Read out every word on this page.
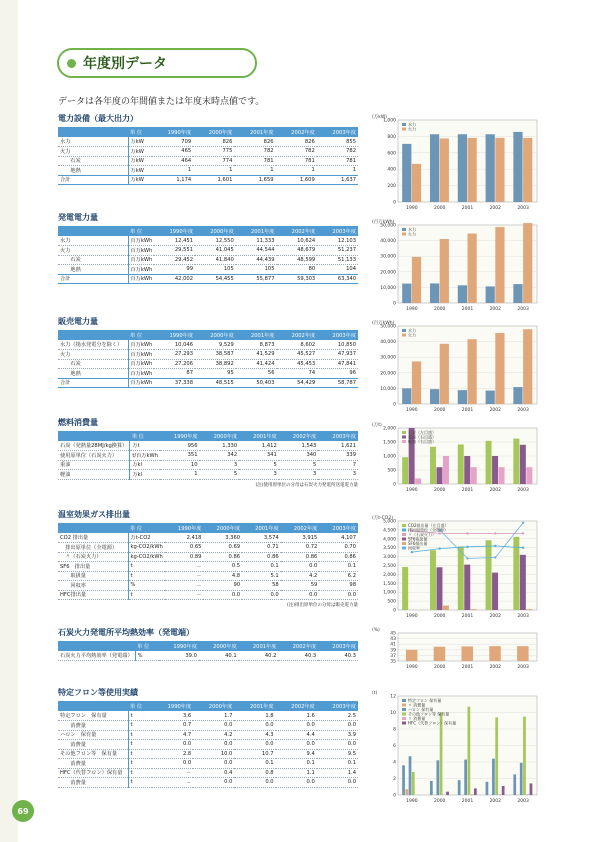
年度別データ
データは各年度の年間値または年度末時点値です。
電力設備（最大出力）
	単 位	1990年度	2000年度	2001年度	2002年度	2003年度
水力	万kW	709	826	826	826	855
火力	万kW	465	775	782	782	782
　　石炭	万kW	464	774	781	781	781
　　地熱	万kW	1	1	1	1	1
合計	万kW	1,174	1,601	1,659	1,609	1,637
発電電力量
	単 位	1990年度	2000年度	2001年度	2002年度	2003年度
水力	百万kWh	12,451	12,550	11,333	10,624	12,103
火力	百万kWh	29,551	41,045	44,544	48,679	51,237
　　石炭	百万kWh	29,452	41,840	44,439	48,599	51,133
　　地熱	百万kWh	99	105	105	80	104
合計	百万kWh	42,002	54,455	55,877	59,303	63,340
販売電力量
	単 位	1990年度	2000年度	2001年度	2002年度	2003年度
水力（揚水発電分を除く）	百万kWh	10,046	9,529	8,873	8,602	10,850
火力	百万kWh	27,293	38,587	41,529	45,527	47,937
　　石炭	百万kWh	27,206	38,892	41,424	45,453	47,841
　　地熱	百万kWh	87	95	56	74	96
合計	百万kWh	37,338	48,515	50,403	54,429	58,787
燃料消費量
	単 位	1990年度	2000年度	2001年度	2002年度	2003年度
石炭（発熱量28MJ/kg換算）	万t	956	1,330	1,412	1,543	1,621
使用原単位（石炭火力）	t/百万kWh	351	342	341	340	339
重油	万kl	10	3	5	5	7
軽油	万kl	1	5	3	3	3
(注)使用原単位の分母は石炭火力発電所送電電力量
温室効果ガス排出量
	単 位	1990年度	2000年度	2001年度	2002年度	2003年度
CO2 排出量	万t-CO2	2,418	3,360	3,574	3,915	4,107
　排出原単位（全電源）	kg-CO2/kWh	0.65	0.69	0.71	0.72	0.70
　〃（石炭火力）	kg-CO2/kWh	0.89	0.86	0.86	0.86	0.86
SF6　排出量	t	－	0.5	0.1	0.0	0.1
　　取扱量	t	－	4.8	5.1	4.2	6.2
　　回収率	%	－	90	58	59	98
HFC排出量	t	－	0.0	0.0	0.0	0.0
(注)排出原単位の分母は販売電力量
石炭火力発電所平均熱効率（発電端）
	単 位	1990年度	2000年度	2001年度	2002年度	2003年度
石炭火力平均熱効率（発電端）	%	39.0	40.1	40.2	40.3	40.3
特定フロン等使用実績
	単 位	1990年度	2000年度	2001年度	2002年度	2003年度
特定フロン　保有量	t	3.6	1.7	1.8	1.6	2.5
　　消費量	t	0.7	0.0	0.0	0.0	0.0
ハロン　保有量	t	4.7	4.2	4.3	4.4	3.9
　　消費量	t	0.0	0.0	0.0	0.0	0.0
その他フロン等　保有量	t	2.8	10.0	10.7	9.4	9.5
　　消費量	t	0.0	0.0	0.1	0.1	0.1
HFC（代替フロン）保有量	t	－	0.4	0.8	1.1	1.4
　　消費量	t	－	0.0	0.0	0.0	0.0
(万kW)
0
200
400
600
800
1,000
1990	2000	2001	2002	2003
水力
火力
(百万kWh)
0
10,000
20,000
30,000
40,000
50,000
1990	2000	2001	2002	2003
水力
火力
(百万kWh)
0
10,000
20,000
30,000
40,000
50,000
1990	2000	2001	2002	2003
水力
火力
(万t)
0
500
1,000
1,500
2,000
1990	2000	2001	2002	2003
石炭（左目盛）
重油（右目盛）
軽油（右目盛）
(万t-CO2)
0
500
1,000
1,500
2,000
2,500
3,000
3,500
4,000
4,500
5,000
1990	2000	2001	2002	2003
CO2排出量（左目盛）
排出原単位（全電源）
〃（石炭火力）
SF6取扱量
SF6排出量
回収率
(%)
35
37
39
41
43
45
1990	2000	2001	2002	2003
(t)
0
2
4
6
8
10
12
1990	2000	2001	2002	2003
特定フロン 保有量
〃 消費量
ハロン 保有量
その他フロン等 保有量
〃 消費量
HFC（代替フロン）保有量
69
